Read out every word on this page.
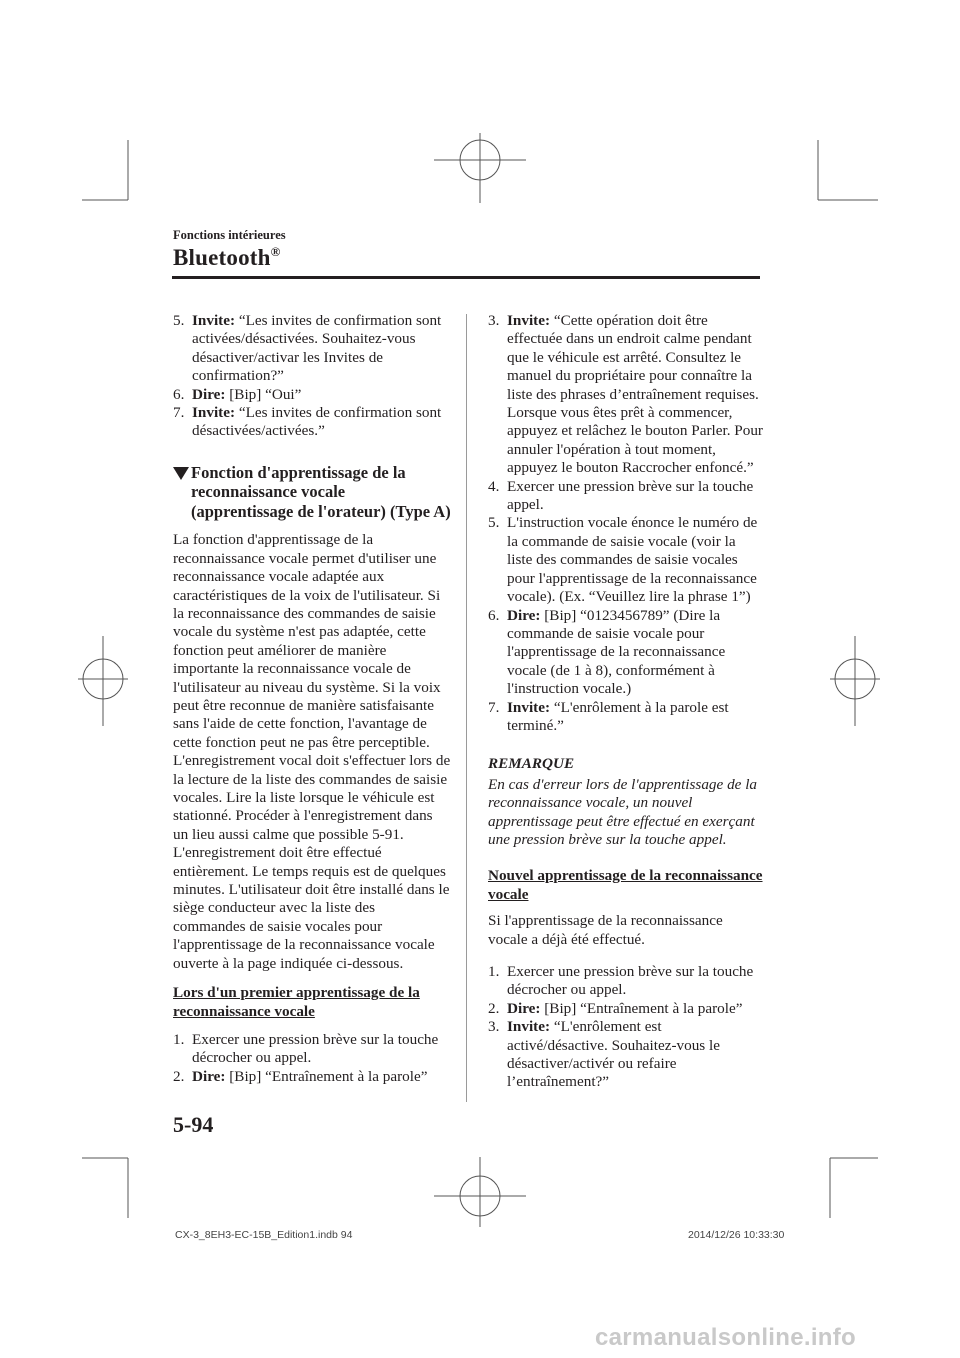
Fonctions intérieures
Bluetooth®
5. Invite: “Les invites de confirmation sont activées/désactivées. Souhaitez-vous désactiver/activar les Invites de confirmation?”
6. Dire: [Bip] “Oui”
7. Invite: “Les invites de confirmation sont désactivées/activées.”
Fonction d'apprentissage de la reconnaissance vocale (apprentissage de l'orateur) (Type A)

La fonction d'apprentissage de la reconnaissance vocale permet d'utiliser une reconnaissance vocale adaptée aux caractéristiques de la voix de l'utilisateur. Si la reconnaissance des commandes de saisie vocale du système n'est pas adaptée, cette fonction peut améliorer de manière importante la reconnaissance vocale de l'utilisateur au niveau du système. Si la voix peut être reconnue de manière satisfaisante sans l'aide de cette fonction, l'avantage de cette fonction peut ne pas être perceptible. L'enregistrement vocal doit s'effectuer lors de la lecture de la liste des commandes de saisie vocales. Lire la liste lorsque le véhicule est stationné. Procéder à l'enregistrement dans un lieu aussi calme que possible 5-91. L'enregistrement doit être effectué entièrement. Le temps requis est de quelques minutes. L'utilisateur doit être installé dans le siège conducteur avec la liste des commandes de saisie vocales pour l'apprentissage de la reconnaissance vocale ouverte à la page indiquée ci-dessous.

Lors d'un premier apprentissage de la reconnaissance vocale

1. Exercer une pression brève sur la touche décrocher ou appel.
2. Dire: [Bip] “Entraînement à la parole”
3. Invite: “Cette opération doit être effectuée dans un endroit calme pendant que le véhicule est arrêté. Consultez le manuel du propriétaire pour connaître la liste des phrases d’entraînement requises. Lorsque vous êtes prêt à commencer, appuyez et relâchez le bouton Parler. Pour annuler l'opération à tout moment, appuyez le bouton Raccrocher enfoncé.”
4. Exercer une pression brève sur la touche appel.
5. L'instruction vocale énonce le numéro de la commande de saisie vocale (voir la liste des commandes de saisie vocales pour l'apprentissage de la reconnaissance vocale). (Ex. “Veuillez lire la phrase 1”)
6. Dire: [Bip] “0123456789” (Dire la commande de saisie vocale pour l'apprentissage de la reconnaissance vocale (de 1 à 8), conformément à l'instruction vocale.)
7. Invite: “L'enrôlement à la parole est terminé.”

REMARQUE

En cas d'erreur lors de l'apprentissage de la reconnaissance vocale, un nouvel apprentissage peut être effectué en exerçant une pression brève sur la touche appel.

Nouvel apprentissage de la reconnaissance vocale

Si l'apprentissage de la reconnaissance vocale a déjà été effectué.

1. Exercer une pression brève sur la touche décrocher ou appel.
2. Dire: [Bip] “Entraînement à la parole”
3. Invite: “L'enrôlement est activé/désactive. Souhaitez-vous le désactiver/activér ou refaire l’entraînement?”
5-94
CX-3_8EH3-EC-15B_Edition1.indb 94	2014/12/26 10:33:30
carmanualsonline.info
